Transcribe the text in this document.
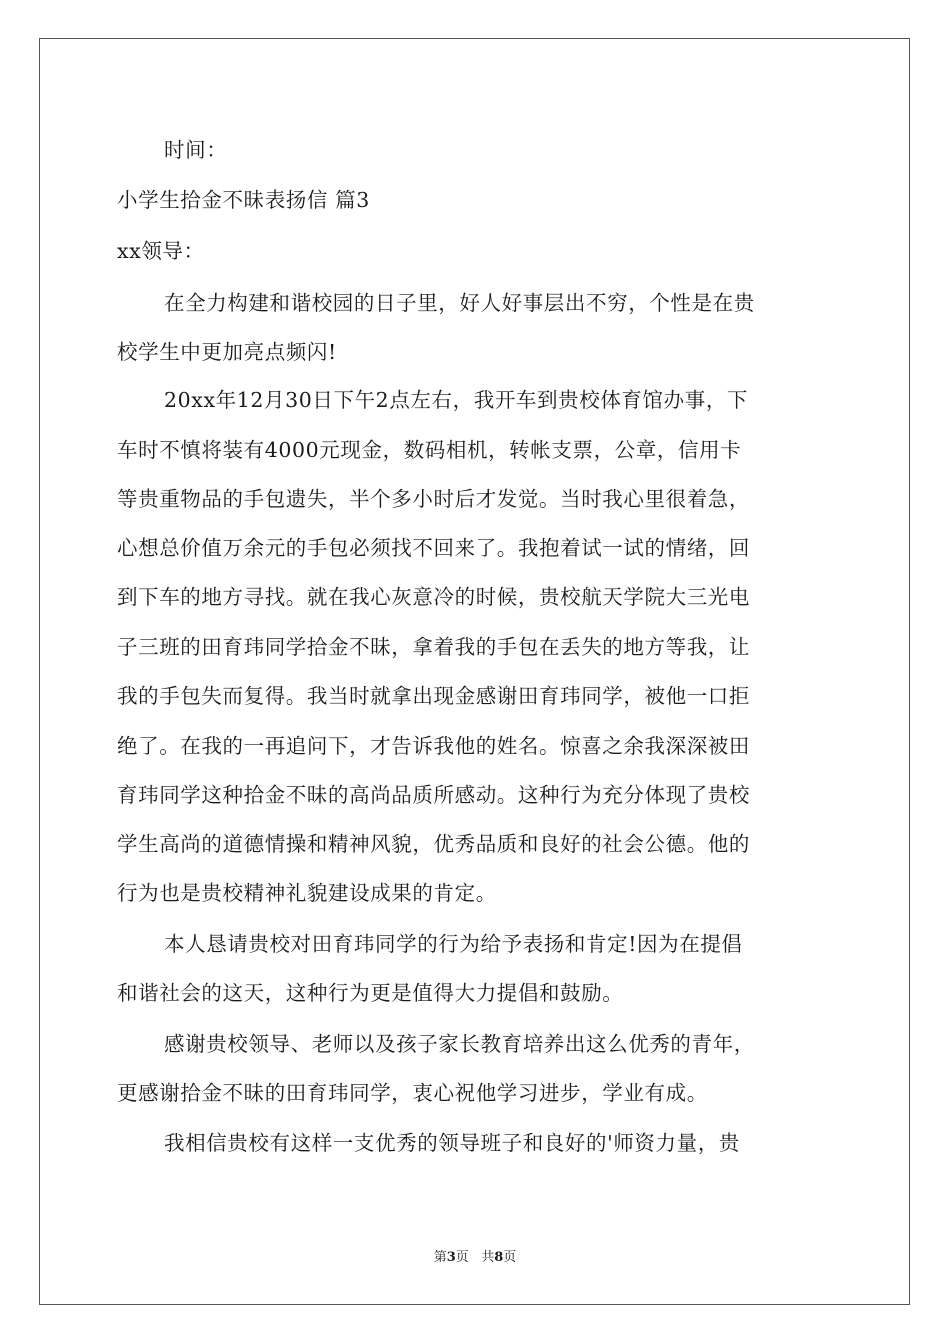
时间：
小学生拾金不昧表扬信 篇3
xx领导：
在全力构建和谐校园的日子里，好人好事层出不穷，个性是在贵
校学生中更加亮点频闪!
20xx年12月30日下午2点左右，我开车到贵校体育馆办事，下
车时不慎将装有4000元现金，数码相机，转帐支票，公章，信用卡
等贵重物品的手包遗失，半个多小时后才发觉。当时我心里很着急，
心想总价值万余元的手包必须找不回来了。我抱着试一试的情绪，回
到下车的地方寻找。就在我心灰意冷的时候，贵校航天学院大三光电
子三班的田育玮同学拾金不昧，拿着我的手包在丢失的地方等我，让
我的手包失而复得。我当时就拿出现金感谢田育玮同学，被他一口拒
绝了。在我的一再追问下，才告诉我他的姓名。惊喜之余我深深被田
育玮同学这种拾金不昧的高尚品质所感动。这种行为充分体现了贵校
学生高尚的道德情操和精神风貌，优秀品质和良好的社会公德。他的
行为也是贵校精神礼貌建设成果的肯定。
本人恳请贵校对田育玮同学的行为给予表扬和肯定!因为在提倡
和谐社会的这天，这种行为更是值得大力提倡和鼓励。
感谢贵校领导、老师以及孩子家长教育培养出这么优秀的青年，
更感谢拾金不昧的田育玮同学，衷心祝他学习进步，学业有成。
我相信贵校有这样一支优秀的领导班子和良好的'师资力量，贵
第3页 共8页
